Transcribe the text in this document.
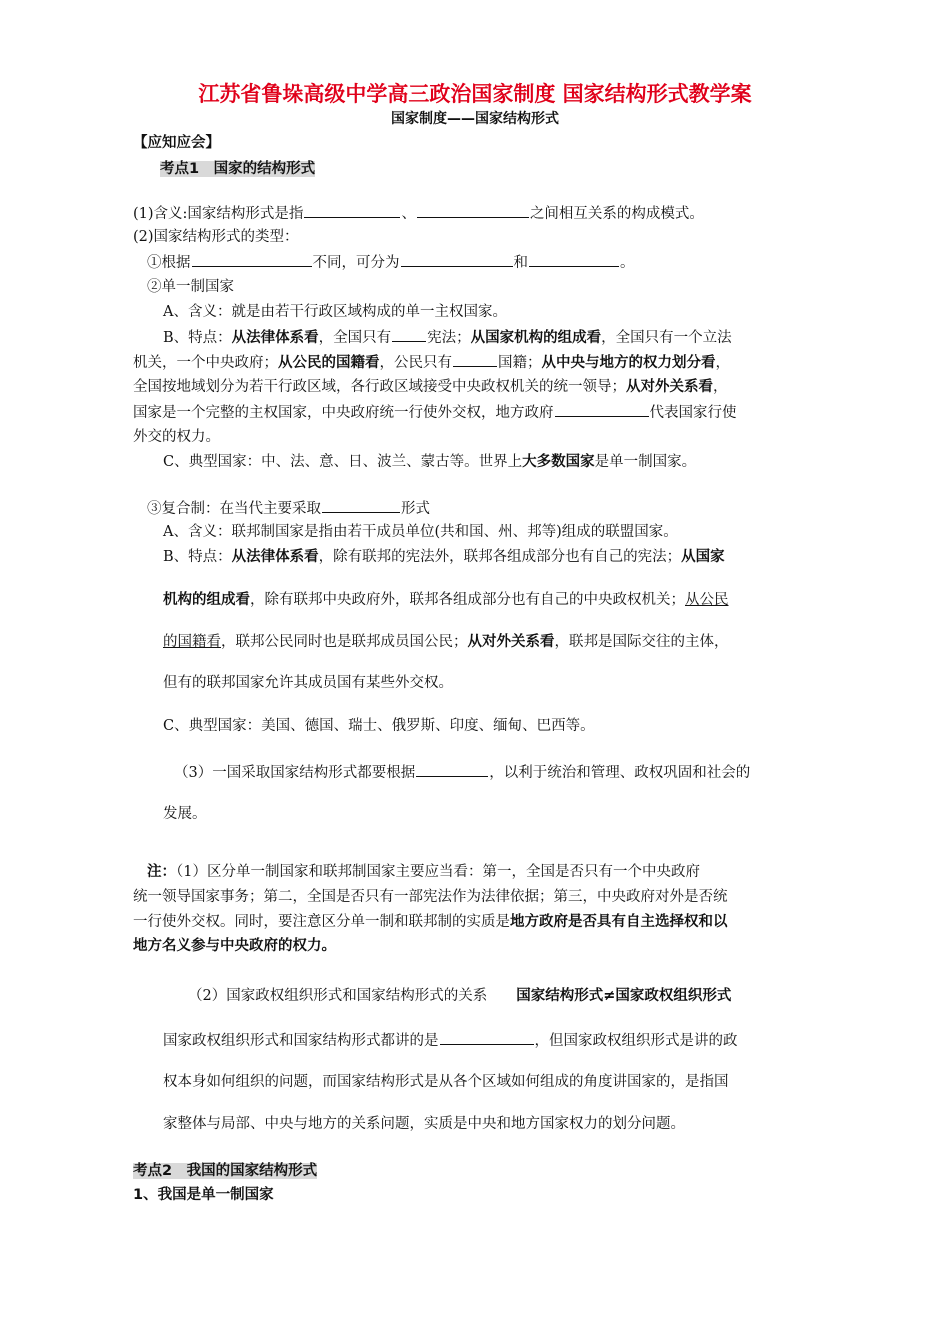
江苏省鲁垛高级中学高三政治国家制度 国家结构形式教学案
国家制度——国家结构形式
【应知应会】
考点1　国家的结构形式
(1)含义:国家结构形式是指	、	之间相互关系的构成模式。
(2)国家结构形式的类型：
①根据	不同，可分为	和	。
②单一制国家
A、含义：就是由若干行政区域构成的单一主权国家。
B、特点：从法律体系看，全国只有 宪法；从国家机构的组成看，全国只有一个立法
机关，一个中央政府；从公民的国籍看，公民只有	国籍；从中央与地方的权力划分看，
全国按地域划分为若干行政区域，各行政区域接受中央政权机关的统一领导；从对外关系看，
国家是一个完整的主权国家，中央政府统一行使外交权，地方政府	代表国家行使
外交的权力。
C、典型国家：中、法、意、日、波兰、蒙古等。世界上大多数国家是单一制国家。
③复合制：在当代主要采取	形式
A、含义：联邦制国家是指由若干成员单位(共和国、州、邦等)组成的联盟国家。
B、特点：从法律体系看，除有联邦的宪法外，联邦各组成部分也有自己的宪法；从国家
机构的组成看，除有联邦中央政府外，联邦各组成部分也有自己的中央政权机关；从公民
的国籍看，联邦公民同时也是联邦成员国公民；从对外关系看，联邦是国际交往的主体，
但有的联邦国家允许其成员国有某些外交权。
C、典型国家：美国、德国、瑞士、俄罗斯、印度、缅甸、巴西等。
（3）一国采取国家结构形式都要根据	，以利于统治和管理、政权巩固和社会的
发展。
注：（1）区分单一制国家和联邦制国家主要应当看：第一，全国是否只有一个中央政府
统一领导国家事务；第二，全国是否只有一部宪法作为法律依据；第三，中央政府对外是否统
一行使外交权。同时，要注意区分单一制和联邦制的实质是地方政府是否具有自主选择权和以
地方名义参与中央政府的权力。
（2）国家政权组织形式和国家结构形式的关系　　 国家结构形式≠国家政权组织形式
国家政权组织形式和国家结构形式都讲的是	，但国家政权组织形式是讲的政
权本身如何组织的问题，而国家结构形式是从各个区域如何组成的角度讲国家的，是指国
家整体与局部、中央与地方的关系问题，实质是中央和地方国家权力的划分问题。
考点2　我国的国家结构形式
1、我国是单一制国家
